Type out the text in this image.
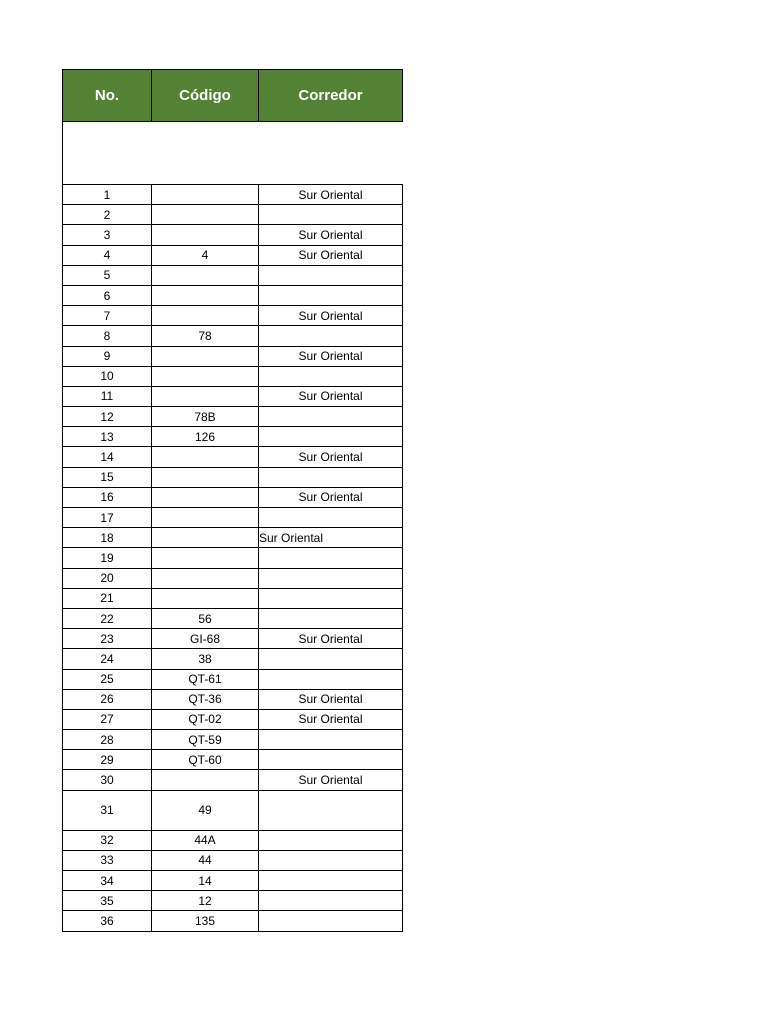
No.	Código	Corredor
1		Sur Oriental
2		
3		Sur Oriental
4	4	Sur Oriental
5		
6		
7		Sur Oriental
8	78	
9		Sur Oriental
10		
11		Sur Oriental
12	78B	
13	126	
14		Sur Oriental
15		
16		Sur Oriental
17		
18		Sur Oriental
19		
20		
21		
22	56	
23	GI-68	Sur Oriental
24	38	
25	QT-61	
26	QT-36	Sur Oriental
27	QT-02	Sur Oriental
28	QT-59	
29	QT-60	
30		Sur Oriental
31	49	
32	44A	
33	44	
34	14	
35	12	
36	135	
